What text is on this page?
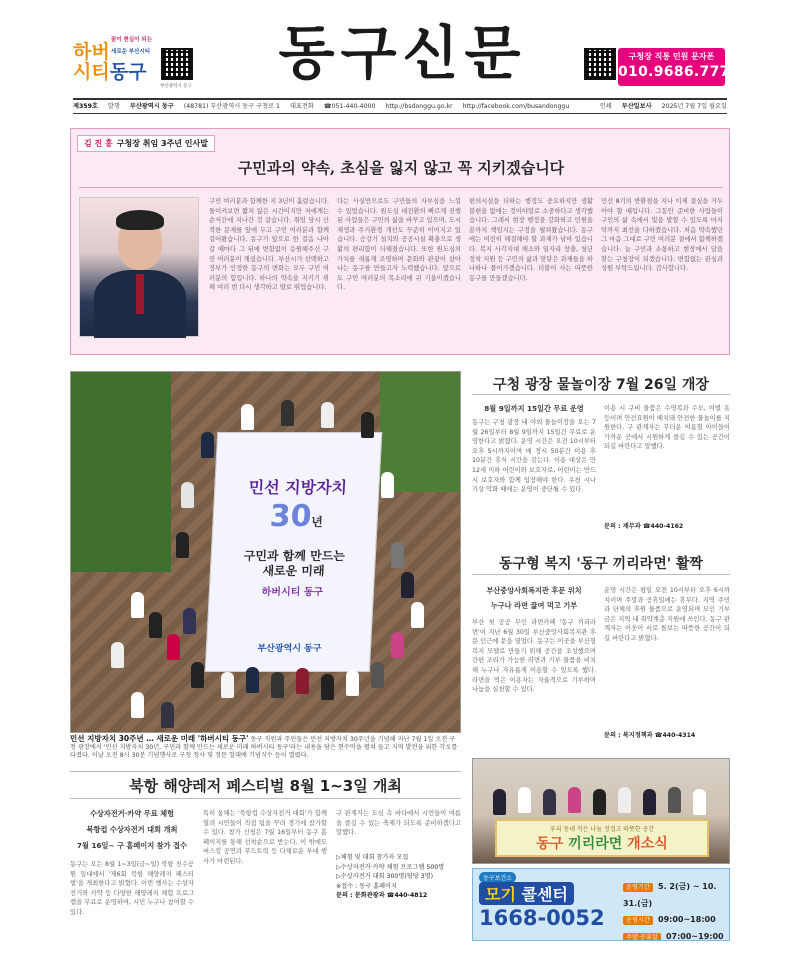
꿈이 현실이 되는
하버 새로운 부산시티
시티동구
부산광역시 동구 동구신문	구청장 직통 민원 문자폰
010.9686.7776
제359호 발행 부산광역시 동구 (48781) 부산광역시 동구 구청로 1 대표전화 ☎051-440-4000 http://bsdonggu.go.kr http://facebook.com/busandonggu	인쇄 부산일보사 2025년 7월 7일 월요일
김 진 홍 구청장 취임 3주년 인사말
구민과의 약속, 초심을 잃지 않고 꼭 지키겠습니다
구민 여러분과 함께한 지 3년이 흘렀습니다. 돌이켜보면 짧지 않은 시간이지만 저에게는 순식간에 지나간 것 같습니다. 취임 당시 산적한 문제를 앞에 두고 구민 여러분과 함께 걸어왔습니다. 동구가 앞으로 한 걸음 나아갈 때마다 그 뒤에 변함없이 응원해주신 구민 여러분이 계셨습니다. 부산시가 선택하고 정부가 인정한 동구의 변화는 모두 구민 여러분의 힘입니다. 하나의 약속을 지키기 위해 여러 번 다시 생각하고 발로 뛰었습니다.
다는 사실만으로도 구민들의 자부심을 느낄 수 있었습니다. 원도심 대전환의 빠르게 진행된 사업들은 구민의 삶을 바꾸고 있으며, 도시재생과 주거환경 개선도 꾸준히 이어지고 있습니다. 승강기 설치와 공공시설 확충으로 생활의 편리함이 더해졌습니다. 또한 원도심의 가치를 새롭게 조명하며 문화와 관광이 살아나는 동구를 만들고자 노력했습니다. 앞으로도 구민 여러분의 목소리에 귀 기울이겠습니다.
편의시설을 더하는 행정도 중요하지만 생활 불편을 없애는 것이야말로 소중하다고 생각했습니다. 그래서 현장 행정을 강화하고 민원을 끝까지 책임지는 구정을 펼쳐왔습니다. 동구에는 여전히 해결해야 할 과제가 남아 있습니다. 복지 사각지대 해소와 일자리 창출, 청년 정착 지원 등 구민의 삶과 맞닿은 과제들을 하나하나 풀어가겠습니다. 더불어 사는 따뜻한 동구를 만들겠습니다.
민선 8기의 반환점을 지나 이제 결실을 거두어야 할 때입니다. 그동안 준비한 사업들이 구민의 삶 속에서 빛을 발할 수 있도록 마지막까지 최선을 다하겠습니다. 처음 약속했던 그 마음 그대로 구민 여러분 곁에서 함께하겠습니다. 늘 구민과 소통하고 현장에서 답을 찾는 구청장이 되겠습니다. 변함없는 관심과 성원 부탁드립니다. 감사합니다.
민선 지방자치
30년
구민과 함께 만드는
새로운 미래
하버시티 동구
부산광역시 동구
민선 지방자치 30주년 … 새로운 미래 '하버시티 동구' 동구 직원과 주민들은 민선 지방자치 30주년을 기념해 지난 7월 1일 오전 구청 광장에서 '민선 지방자치 30년, 구민과 함께 만드는 새로운 미래 하버시티 동구'라는 내용을 담은 현수막을 펼쳐 들고 지역 발전을 위한 각오를 다졌다. 이날 오전 8시 30분 기념행사로 구청 청사 및 정문 일대에 기념식수 등이 열렸다.
구청 광장 물놀이장 7월 26일 개장
8월 9일까지 15일간 무료 운영
동구는 구청 광장 내 야외 물놀이장을 오는 7월 26일부터 8월 9일까지 15일간 무료로 운영한다고 밝혔다. 운영 시간은 오전 10시부터 오후 5시까지이며 매 정시 50분간 이용 후 10분간 휴식 시간을 갖는다. 이용 대상은 만 12세 이하 어린이와 보호자로, 어린이는 반드시 보호자와 함께 입장해야 한다. 우천 시나 기상 악화 때에는 운영이 중단될 수 있다.
이용 시 구비 물품은 수영복과 수모, 여벌 옷 등이며 안전요원이 배치돼 안전한 물놀이를 지원한다. 구 관계자는 무더운 여름철 아이들이 가까운 곳에서 시원하게 즐길 수 있는 공간이 되길 바란다고 말했다.
문의 : 재무과 ☎440-4162
동구형 복지 '동구 끼리라면' 활짝
부산중앙사회복지관 후문 위치
누구나 라면 끓여 먹고 기부
부산 첫 공공 무인 라면카페 '동구 끼리라면'이 지난 6월 30일 부산중앙사회복지관 후문 인근에 문을 열었다. 동구는 이곳을 부산형 복지 모델로 만들기 위해 공간을 조성했으며 간편 조리가 가능한 라면과 기부 물품을 비치해 누구나 자유롭게 이용할 수 있도록 했다. 라면을 먹은 이용자는 자율적으로 기부하며 나눔을 실천할 수 있다.
운영 시간은 평일 오전 10시부터 오후 6시까지이며 주말과 공휴일에는 휴무다. 지역 주민과 단체의 후원 물품으로 운영되며 모인 기부금은 지역 내 취약계층 지원에 쓰인다. 동구 관계자는 이웃이 서로 돌보는 따뜻한 공간이 되길 바란다고 밝혔다.
문의 : 복지정책과 ☎440-4314
우리 동네 작은 나눔 정겹고 따뜻한 공간
동구 끼리라면 개소식
북항 해양레저 페스티벌 8월 1~3일 개최
수상자전거·카약 무료 체험
북항컵 수상자전거 대회 개최
7월 16일~ 구 홈페이지 참가 접수
동구는 오는 8월 1~3일(금~일) 북항 친수공원 일대에서 '제6회 북항 해양레저 페스티벌'을 개최한다고 밝혔다. 이번 행사는 수상자전거와 카약 등 다양한 해양레저 체험 프로그램을 무료로 운영하며, 시민 누구나 참여할 수 있다.
특히 올해는 '북항컵 수상자전거 대회'가 함께 열려 시민들이 직접 팀을 꾸려 경기에 참가할 수 있다. 참가 신청은 7월 16일부터 동구 홈페이지를 통해 선착순으로 받는다. 이 밖에도 버스킹 공연과 푸드트럭 등 다채로운 부대 행사가 마련된다.
구 관계자는 도심 속 바다에서 시민들이 여름을 즐길 수 있는 축제가 되도록 준비하겠다고 말했다.
▷체험 및 대회 참가자 모집
▷수상자전거·카약 체험 프로그램 500명
▷수상자전거 대회 300명(팀당 3명)
※접수 : 동구 홈페이지
문의 : 문화관광과 ☎440-4812
동구보건소
모기 콜센터
1668-0052
운영기간 5. 2(금) ~ 10. 31.(금)
운영시간 09:00~18:00
주말·공휴일 07:00~19:00
